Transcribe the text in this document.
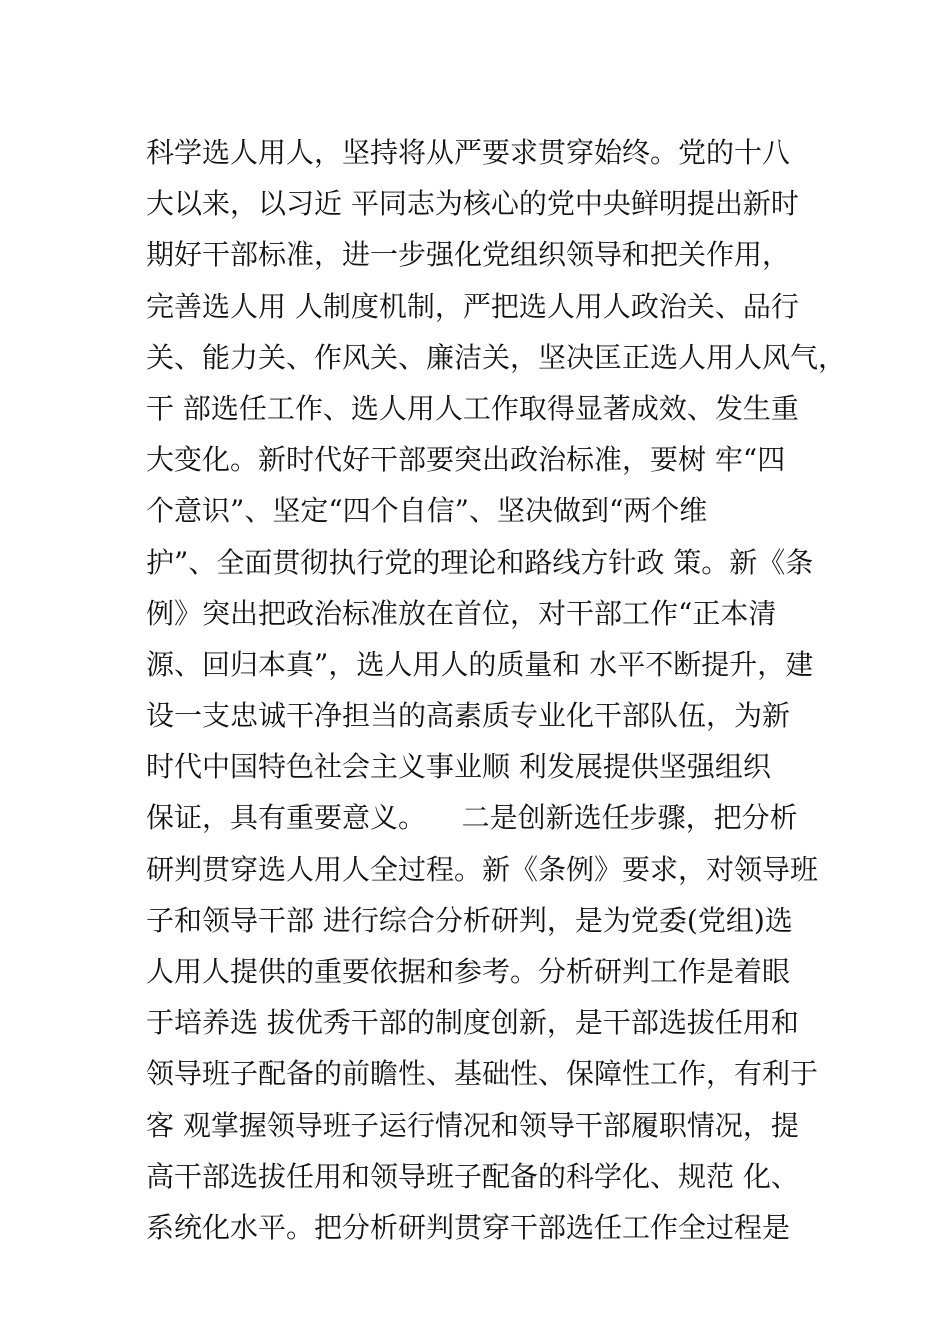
科学选人用人，坚持将从严要求贯穿始终。党的十八
大以来，以习近 平同志为核心的党中央鲜明提出新时
期好干部标准，进一步强化党组织领导和把关作用，
完善选人用 人制度机制，严把选人用人政治关、品行
关、能力关、作风关、廉洁关，坚决匡正选人用人风气，
干 部选任工作、选人用人工作取得显著成效、发生重
大变化。新时代好干部要突出政治标准，要树 牢“四
个意识”、坚定“四个自信”、坚决做到“两个维
护”、全面贯彻执行党的理论和路线方针政 策。新《条
例》突出把政治标准放在首位，对干部工作“正本清
源、回归本真”，选人用人的质量和 水平不断提升，建
设一支忠诚干净担当的高素质专业化干部队伍，为新
时代中国特色社会主义事业顺 利发展提供坚强组织
保证，具有重要意义。    二是创新选任步骤，把分析
研判贯穿选人用人全过程。新《条例》要求，对领导班
子和领导干部 进行综合分析研判，是为党委(党组)选
人用人提供的重要依据和参考。分析研判工作是着眼
于培养选 拔优秀干部的制度创新，是干部选拔任用和
领导班子配备的前瞻性、基础性、保障性工作，有利于
客 观掌握领导班子运行情况和领导干部履职情况，提
高干部选拔任用和领导班子配备的科学化、规范 化、
系统化水平。把分析研判贯穿干部选任工作全过程是
